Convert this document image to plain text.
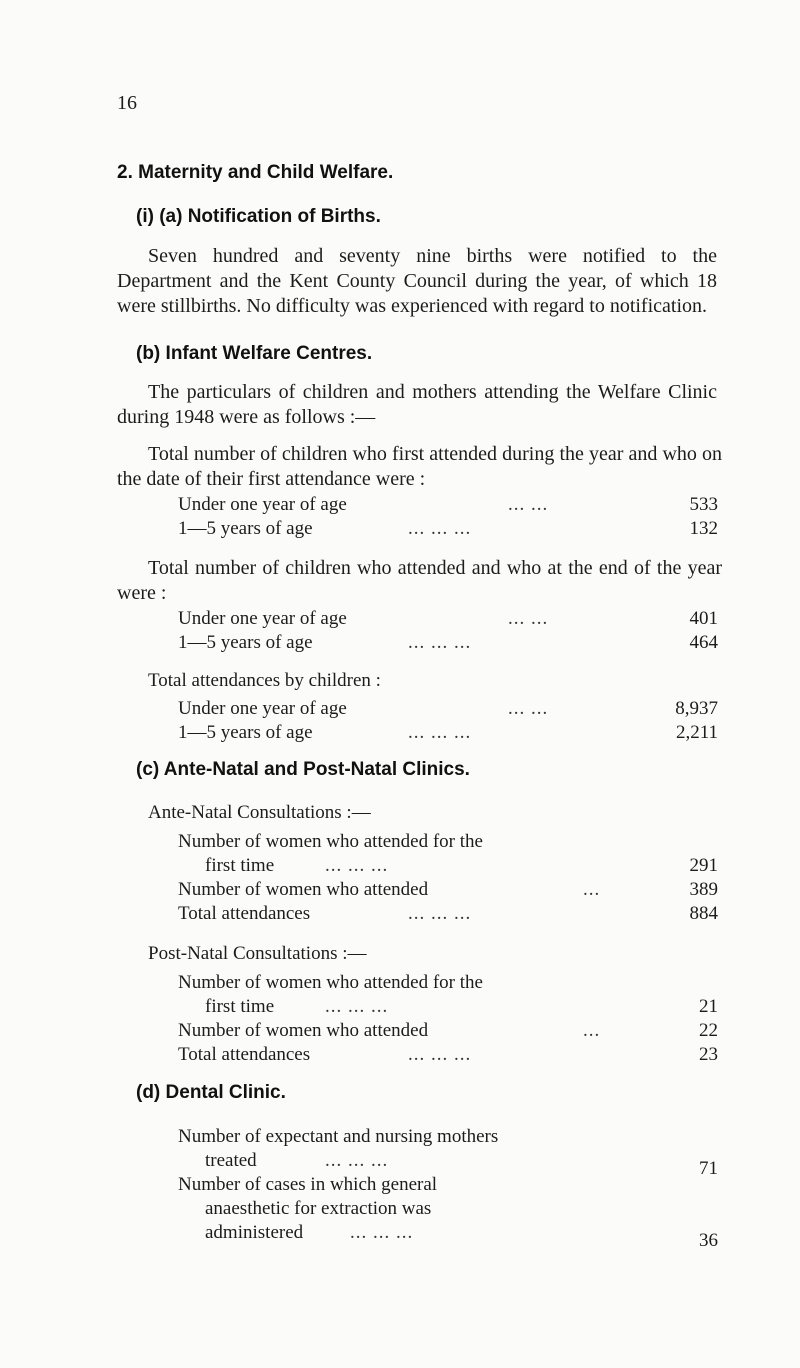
16
2. Maternity and Child Welfare.
(i) (a) Notification of Births.
Seven hundred and seventy nine births were notified to the Department and the Kent County Council during the year, of which 18 were stillbirths. No difficulty was experienced with regard to notification.
(b) Infant Welfare Centres.
The particulars of children and mothers attending the Welfare Clinic during 1948 were as follows :—
Total number of children who first attended during the year and who on the date of their first attendance were :
Under one year of age	... ...	533
1—5 years of age	... ... ...	132
Total number of children who attended and who at the end of the year were :
Under one year of age	... ...	401
1—5 years of age	... ... ...	464
Total attendances by children :
Under one year of age	... ...	8,937
1—5 years of age	... ... ...	2,211
(c) Ante-Natal and Post-Natal Clinics.
Ante-Natal Consultations :—
Number of women who attended for the
first time	... ... ...	291
Number of women who attended	...	389
Total attendances	... ... ...	884
Post-Natal Consultations :—
Number of women who attended for the
first time	... ... ...	21
Number of women who attended	...	22
Total attendances	... ... ...	23
(d) Dental Clinic.
Number of expectant and nursing mothers
treated	... ... ...	71
Number of cases in which general
anaesthetic for extraction was
administered ... ... ...	36
